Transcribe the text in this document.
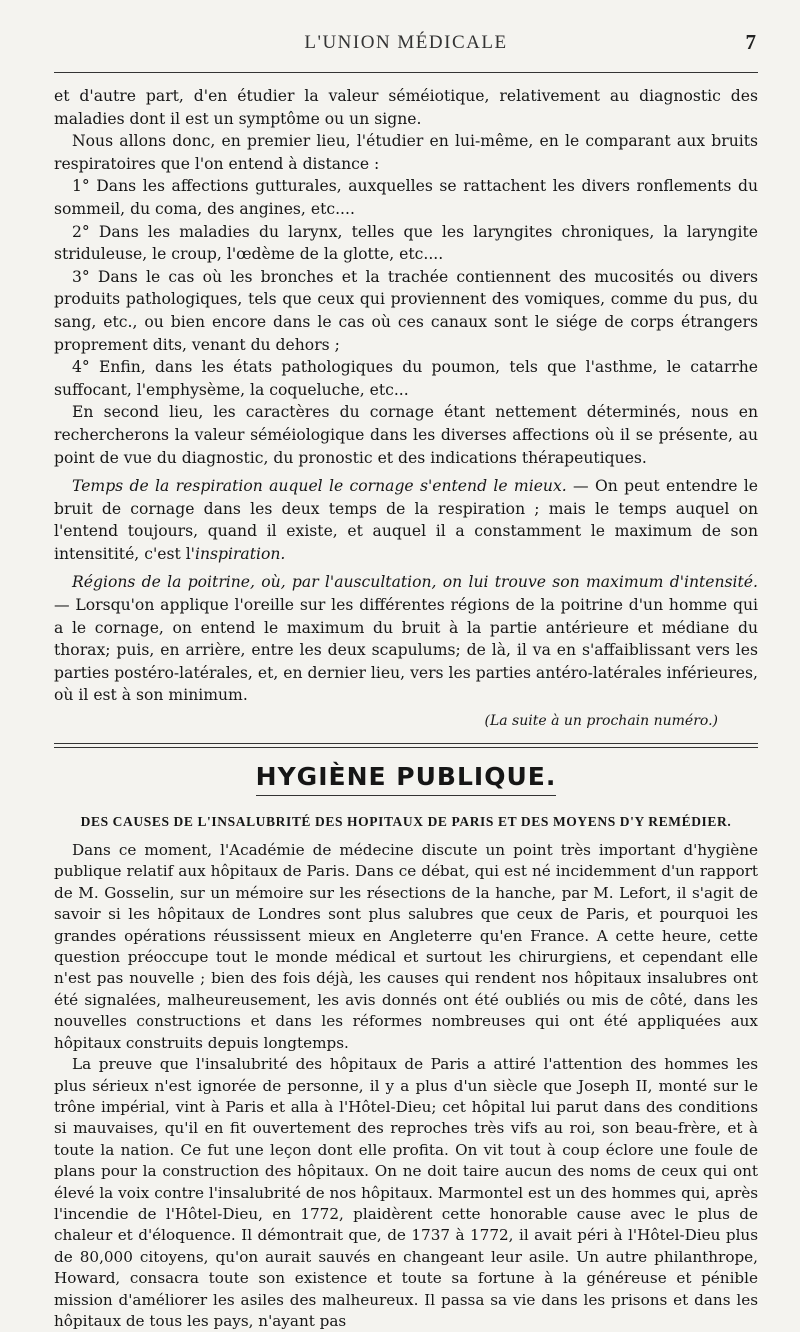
L'UNION MÉDICALE	7

et d'autre part, d'en étudier la valeur séméiotique, relativement au diagnostic des maladies dont il est un symptôme ou un signe.

Nous allons donc, en premier lieu, l'étudier en lui-même, en le comparant aux bruits respiratoires que l'on entend à distance :

1° Dans les affections gutturales, auxquelles se rattachent les divers ronflements du sommeil, du coma, des angines, etc....

2° Dans les maladies du larynx, telles que les laryngites chroniques, la laryngite striduleuse, le croup, l'œdème de la glotte, etc....

3° Dans le cas où les bronches et la trachée contiennent des mucosités ou divers produits pathologiques, tels que ceux qui proviennent des vomiques, comme du pus, du sang, etc., ou bien encore dans le cas où ces canaux sont le siége de corps étrangers proprement dits, venant du dehors ;

4° Enfin, dans les états pathologiques du poumon, tels que l'asthme, le catarrhe suffocant, l'emphysème, la coqueluche, etc...

En second lieu, les caractères du cornage étant nettement déterminés, nous en rechercherons la valeur séméiologique dans les diverses affections où il se présente, au point de vue du diagnostic, du pronostic et des indications thérapeutiques.

Temps de la respiration auquel le cornage s'entend le mieux. — On peut entendre le bruit de cornage dans les deux temps de la respiration ; mais le temps auquel on l'entend toujours, quand il existe, et auquel il a constamment le maximum de son intensitité, c'est l'inspiration.

Régions de la poitrine, où, par l'auscultation, on lui trouve son maximum d'intensité. — Lorsqu'on applique l'oreille sur les différentes régions de la poitrine d'un homme qui a le cornage, on entend le maximum du bruit à la partie antérieure et médiane du thorax; puis, en arrière, entre les deux scapulums; de là, il va en s'affaiblissant vers les parties postéro-latérales, et, en dernier lieu, vers les parties antéro-latérales inférieures, où il est à son minimum.

(La suite à un prochain numéro.)
HYGIÈNE PUBLIQUE.
DES CAUSES DE L'INSALUBRITÉ DES HOPITAUX DE PARIS ET DES MOYENS D'Y REMÉDIER.

Dans ce moment, l'Académie de médecine discute un point très important d'hygiène publique relatif aux hôpitaux de Paris. Dans ce débat, qui est né incidemment d'un rapport de M. Gosselin, sur un mémoire sur les résections de la hanche, par M. Lefort, il s'agit de savoir si les hôpitaux de Londres sont plus salubres que ceux de Paris, et pourquoi les grandes opérations réussissent mieux en Angleterre qu'en France. A cette heure, cette question préoccupe tout le monde médical et surtout les chirurgiens, et cependant elle n'est pas nouvelle ; bien des fois déjà, les causes qui rendent nos hôpitaux insalubres ont été signalées, malheureusement, les avis donnés ont été oubliés ou mis de côté, dans les nouvelles constructions et dans les réformes nombreuses qui ont été appliquées aux hôpitaux construits depuis longtemps.

La preuve que l'insalubrité des hôpitaux de Paris a attiré l'attention des hommes les plus sérieux n'est ignorée de personne, il y a plus d'un siècle que Joseph II, monté sur le trône impérial, vint à Paris et alla à l'Hôtel-Dieu; cet hôpital lui parut dans des conditions si mauvaises, qu'il en fit ouvertement des reproches très vifs au roi, son beau-frère, et à toute la nation. Ce fut une leçon dont elle profita. On vit tout à coup éclore une foule de plans pour la construction des hôpitaux. On ne doit taire aucun des noms de ceux qui ont élevé la voix contre l'insalubrité de nos hôpitaux. Marmontel est un des hommes qui, après l'incendie de l'Hôtel-Dieu, en 1772, plaidèrent cette honorable cause avec le plus de chaleur et d'éloquence. Il démontrait que, de 1737 à 1772, il avait péri à l'Hôtel-Dieu plus de 80,000 citoyens, qu'on aurait sauvés en changeant leur asile. Un autre philanthrope, Howard, consacra toute son existence et toute sa fortune à la généreuse et pénible mission d'améliorer les asiles des malheureux. Il passa sa vie dans les prisons et dans les hôpitaux de tous les pays, n'ayant pas
